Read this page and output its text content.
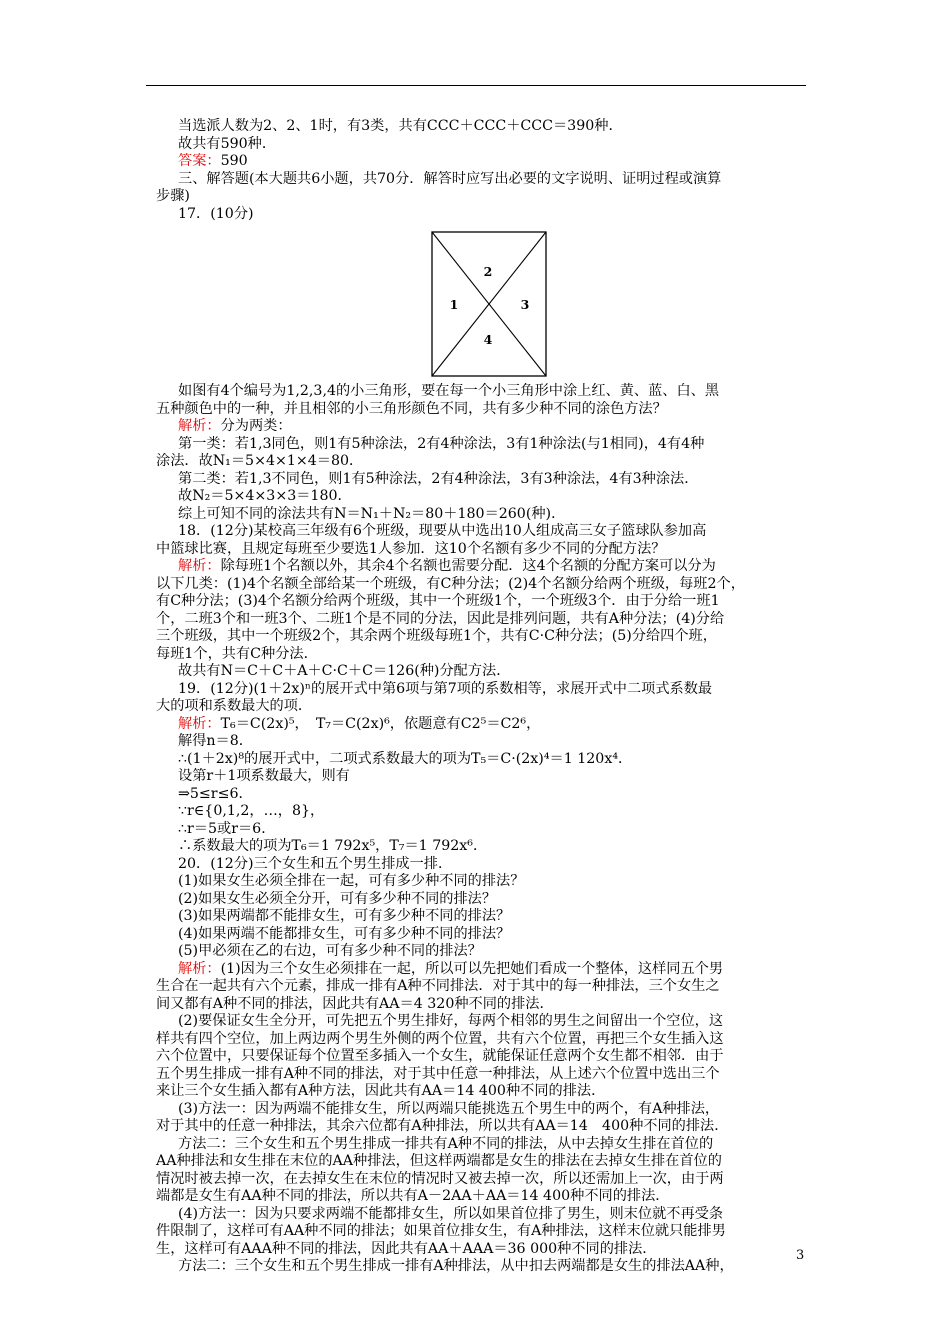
当选派人数为2、2、1时，有3类，共有CCC＋CCC＋CCC＝390种．

故共有590种．

答案：590

三、解答题(本大题共6小题，共70分．解答时应写出必要的文字说明、证明过程或演算

步骤)

17．(10分)

2
1	3
4

如图有4个编号为1,2,3,4的小三角形，要在每一个小三角形中涂上红、黄、蓝、白、黑

五种颜色中的一种，并且相邻的小三角形颜色不同，共有多少种不同的涂色方法？

解析：分为两类：

第一类：若1,3同色，则1有5种涂法，2有4种涂法，3有1种涂法(与1相同)，4有4种

涂法．故N₁＝5×4×1×4＝80．

第二类：若1,3不同色，则1有5种涂法，2有4种涂法，3有3种涂法，4有3种涂法．

故N₂＝5×4×3×3＝180．

综上可知不同的涂法共有N＝N₁＋N₂＝80＋180＝260(种)．

18．(12分)某校高三年级有6个班级，现要从中选出10人组成高三女子篮球队参加高

中篮球比赛，且规定每班至少要选1人参加．这10个名额有多少不同的分配方法？

解析：除每班1个名额以外，其余4个名额也需要分配．这4个名额的分配方案可以分为

以下几类：(1)4个名额全部给某一个班级，有C种分法；(2)4个名额分给两个班级，每班2个，

有C种分法；(3)4个名额分给两个班级，其中一个班级1个，一个班级3个．由于分给一班1

个，二班3个和一班3个、二班1个是不同的分法，因此是排列问题，共有A种分法；(4)分给

三个班级，其中一个班级2个，其余两个班级每班1个，共有C·C种分法；(5)分给四个班，

每班1个，共有C种分法．

故共有N＝C＋C＋A＋C·C＋C＝126(种)分配方法．

19．(12分)(1＋2x)ⁿ的展开式中第6项与第7项的系数相等，求展开式中二项式系数最

大的项和系数最大的项．

解析：T₆＝C(2x)⁵，　T₇＝C(2x)⁶，依题意有C2⁵＝C2⁶，

解得n＝8．

∴(1＋2x)⁸的展开式中，二项式系数最大的项为T₅＝C·(2x)⁴＝1 120x⁴．

设第r＋1项系数最大，则有

⇒5≤r≤6．

∵r∈{0,1,2，…，8}，

∴r＝5或r＝6．

∴系数最大的项为T₆＝1 792x⁵，T₇＝1 792x⁶．

20．(12分)三个女生和五个男生排成一排．

(1)如果女生必须全排在一起，可有多少种不同的排法？

(2)如果女生必须全分开，可有多少种不同的排法？

(3)如果两端都不能排女生，可有多少种不同的排法？

(4)如果两端不能都排女生，可有多少种不同的排法？

(5)甲必须在乙的右边，可有多少种不同的排法？

解析：(1)因为三个女生必须排在一起，所以可以先把她们看成一个整体，这样同五个男

生合在一起共有六个元素，排成一排有A种不同排法．对于其中的每一种排法，三个女生之

间又都有A种不同的排法，因此共有AA＝4 320种不同的排法．

(2)要保证女生全分开，可先把五个男生排好，每两个相邻的男生之间留出一个空位，这

样共有四个空位，加上两边两个男生外侧的两个位置，共有六个位置，再把三个女生插入这

六个位置中，只要保证每个位置至多插入一个女生，就能保证任意两个女生都不相邻．由于

五个男生排成一排有A种不同的排法，对于其中任意一种排法，从上述六个位置中选出三个

来让三个女生插入都有A种方法，因此共有AA＝14 400种不同的排法．

(3)方法一：因为两端不能排女生，所以两端只能挑选五个男生中的两个，有A种排法，

对于其中的任意一种排法，其余六位都有A种排法，所以共有AA＝14　400种不同的排法．

方法二：三个女生和五个男生排成一排共有A种不同的排法，从中去掉女生排在首位的

AA种排法和女生排在末位的AA种排法，但这样两端都是女生的排法在去掉女生排在首位的

情况时被去掉一次，在去掉女生在末位的情况时又被去掉一次，所以还需加上一次，由于两

端都是女生有AA种不同的排法，所以共有A－2AA＋AA＝14 400种不同的排法．

(4)方法一：因为只要求两端不能都排女生，所以如果首位排了男生，则末位就不再受条

件限制了，这样可有AA种不同的排法；如果首位排女生，有A种排法，这样末位就只能排男

生，这样可有AAA种不同的排法，因此共有AA＋AAA＝36 000种不同的排法．

方法二：三个女生和五个男生排成一排有A种排法，从中扣去两端都是女生的排法AA种，

3
